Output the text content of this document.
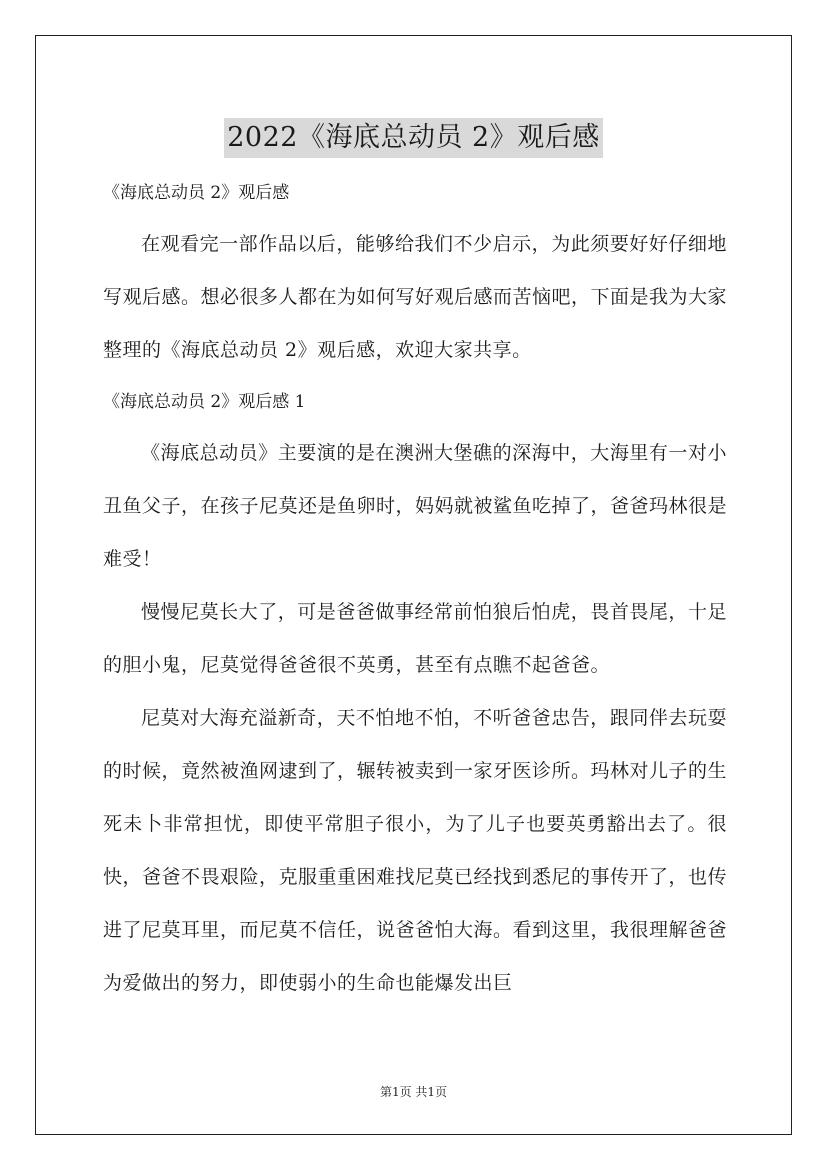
2022《海底总动员 2》观后感

《海底总动员 2》观后感

在观看完一部作品以后，能够给我们不少启示，为此须要好好仔细地写观后感。想必很多人都在为如何写好观后感而苦恼吧，下面是我为大家整理的《海底总动员 2》观后感，欢迎大家共享。

《海底总动员 2》观后感 1

《海底总动员》主要演的是在澳洲大堡礁的深海中，大海里有一对小丑鱼父子，在孩子尼莫还是鱼卵时，妈妈就被鲨鱼吃掉了，爸爸玛林很是难受！

慢慢尼莫长大了，可是爸爸做事经常前怕狼后怕虎，畏首畏尾，十足的胆小鬼，尼莫觉得爸爸很不英勇，甚至有点瞧不起爸爸。

尼莫对大海充溢新奇，天不怕地不怕，不听爸爸忠告，跟同伴去玩耍的时候，竟然被渔网逮到了，辗转被卖到一家牙医诊所。玛林对儿子的生死未卜非常担忧，即使平常胆子很小，为了儿子也要英勇豁出去了。很快，爸爸不畏艰险，克服重重困难找尼莫已经找到悉尼的事传开了，也传进了尼莫耳里，而尼莫不信任，说爸爸怕大海。看到这里，我很理解爸爸为爱做出的努力，即使弱小的生命也能爆发出巨

第1页 共1页
